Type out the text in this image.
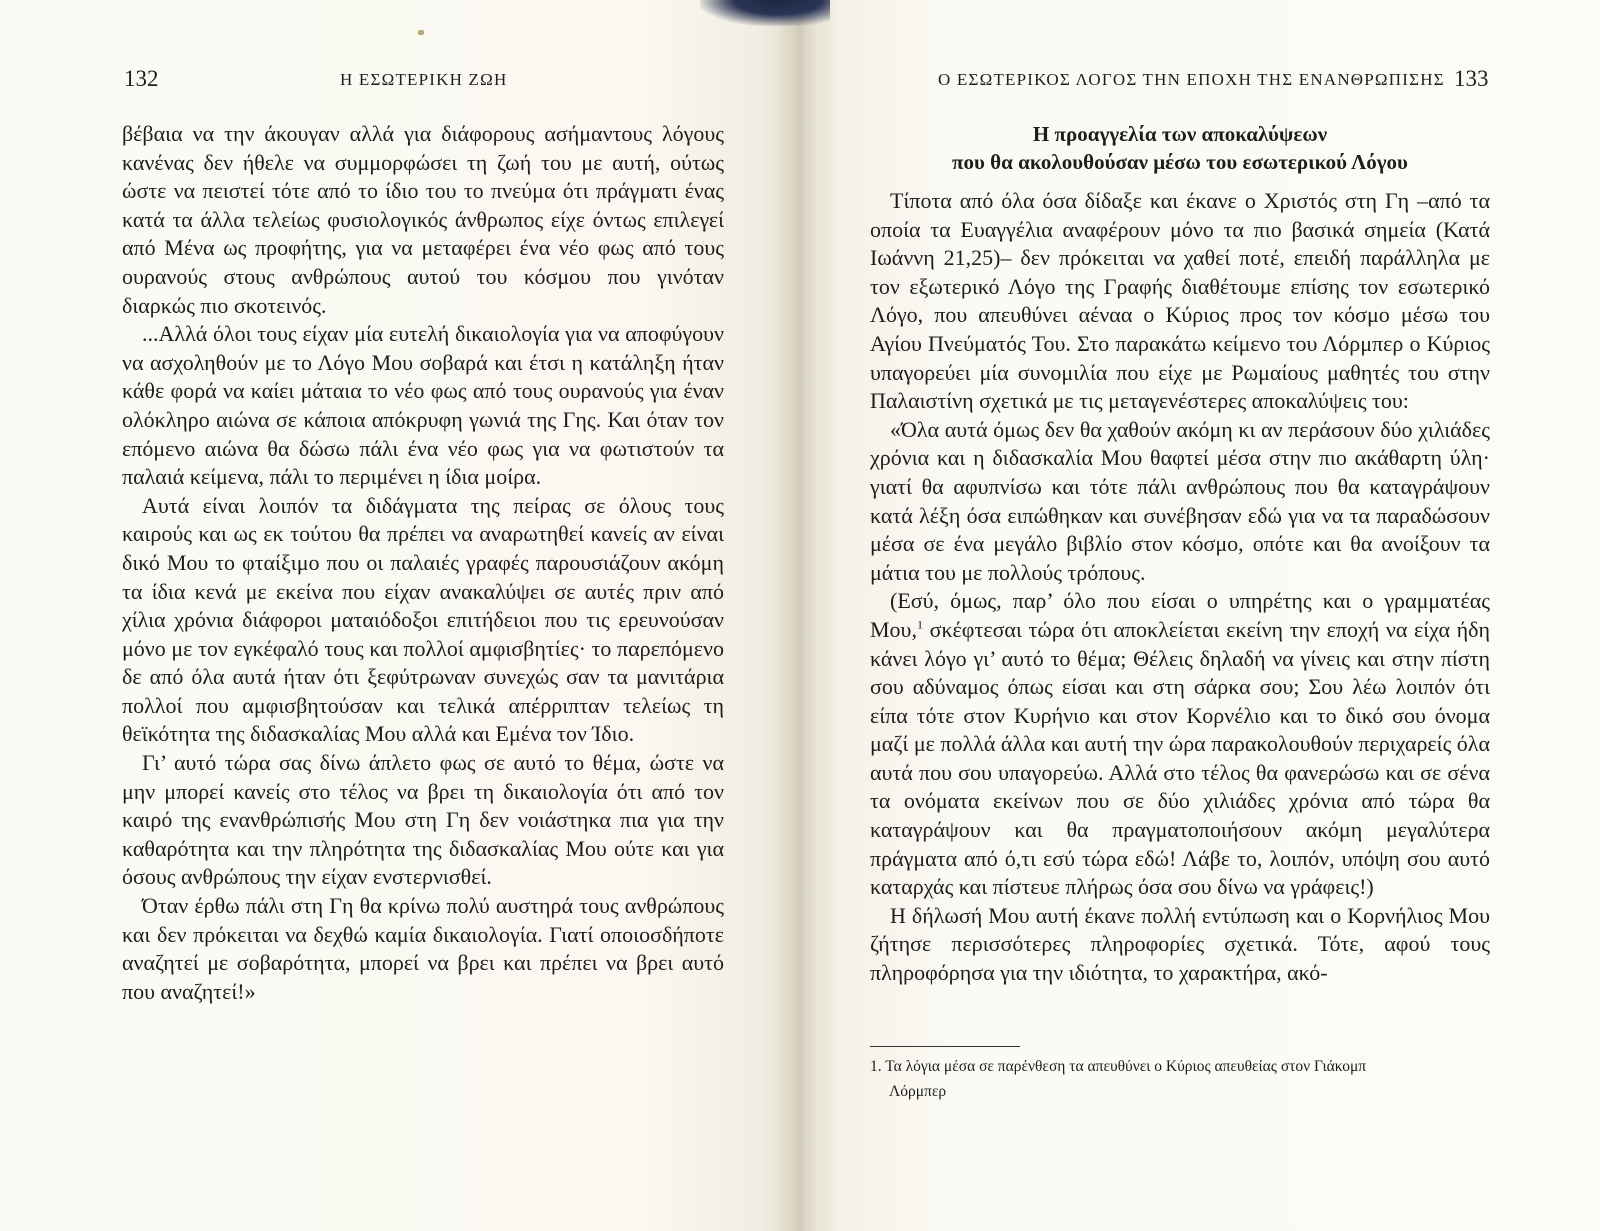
132	Η ΕΣΩΤΕΡΙΚΗ ΖΩΗ

βέβαια να την άκουγαν αλλά για διάφορους ασήμαντους λόγους κανένας δεν ήθελε να συμμορφώσει τη ζωή του με αυτή, ούτως ώστε να πειστεί τότε από το ίδιο του το πνεύμα ότι πράγματι ένας κατά τα άλλα τελείως φυσιολογικός άνθρωπος είχε όντως επιλεγεί από Μένα ως προφήτης, για να μεταφέρει ένα νέο φως από τους ουρανούς στους ανθρώπους αυτού του κόσμου που γινόταν διαρκώς πιο σκοτεινός.

...Αλλά όλοι τους είχαν μία ευτελή δικαιολογία για να αποφύγουν να ασχοληθούν με το Λόγο Μου σοβαρά και έτσι η κατάληξη ήταν κάθε φορά να καίει μάταια το νέο φως από τους ουρανούς για έναν ολόκληρο αιώνα σε κάποια απόκρυφη γωνιά της Γης. Και όταν τον επόμενο αιώνα θα δώσω πάλι ένα νέο φως για να φωτιστούν τα παλαιά κείμενα, πάλι το περιμένει η ίδια μοίρα.

Αυτά είναι λοιπόν τα διδάγματα της πείρας σε όλους τους καιρούς και ως εκ τούτου θα πρέπει να αναρωτηθεί κανείς αν είναι δικό Μου το φταίξιμο που οι παλαιές γραφές παρουσιάζουν ακόμη τα ίδια κενά με εκείνα που είχαν ανακαλύψει σε αυτές πριν από χίλια χρόνια διάφοροι ματαιόδοξοι επιτήδειοι που τις ερευνούσαν μόνο με τον εγκέφαλό τους και πολλοί αμφισβητίες· το παρεπόμενο δε από όλα αυτά ήταν ότι ξεφύτρωναν συνεχώς σαν τα μανιτάρια πολλοί που αμφισβητούσαν και τελικά απέρριπταν τελείως τη θεϊκότητα της διδασκαλίας Μου αλλά και Εμένα τον Ίδιο.

Γι’ αυτό τώρα σας δίνω άπλετο φως σε αυτό το θέμα, ώστε να μην μπορεί κανείς στο τέλος να βρει τη δικαιολογία ότι από τον καιρό της ενανθρώπισής Μου στη Γη δεν νοιάστηκα πια για την καθαρότητα και την πληρότητα της διδασκαλίας Μου ούτε και για όσους ανθρώπους την είχαν ενστερνισθεί.

Όταν έρθω πάλι στη Γη θα κρίνω πολύ αυστηρά τους ανθρώπους και δεν πρόκειται να δεχθώ καμία δικαιολογία. Γιατί οποιοσδήποτε αναζητεί με σοβαρότητα, μπορεί να βρει και πρέπει να βρει αυτό που αναζητεί!»

Ο ΕΣΩΤΕΡΙΚΟΣ ΛΟΓΟΣ ΤΗΝ ΕΠΟΧΗ ΤΗΣ ΕΝΑΝΘΡΩΠΙΣΗΣ 133
Η προαγγελία των αποκαλύψεων
που θα ακολουθούσαν μέσω του εσωτερικού Λόγου

Τίποτα από όλα όσα δίδαξε και έκανε ο Χριστός στη Γη –από τα οποία τα Ευαγγέλια αναφέρουν μόνο τα πιο βασικά σημεία (Κατά Ιωάννη 21,25)– δεν πρόκειται να χαθεί ποτέ, επειδή παράλληλα με τον εξωτερικό Λόγο της Γραφής διαθέτουμε επίσης τον εσωτερικό Λόγο, που απευθύνει αέναα ο Κύριος προς τον κόσμο μέσω του Αγίου Πνεύματός Του. Στο παρακάτω κείμενο του Λόρμπερ ο Κύριος υπαγορεύει μία συνομιλία που είχε με Ρωμαίους μαθητές του στην Παλαιστίνη σχετικά με τις μεταγενέστερες αποκαλύψεις του:

«Όλα αυτά όμως δεν θα χαθούν ακόμη κι αν περάσουν δύο χιλιάδες χρόνια και η διδασκαλία Μου θαφτεί μέσα στην πιο ακάθαρτη ύλη· γιατί θα αφυπνίσω και τότε πάλι ανθρώπους που θα καταγράψουν κατά λέξη όσα ειπώθηκαν και συνέβησαν εδώ για να τα παραδώσουν μέσα σε ένα μεγάλο βιβλίο στον κόσμο, οπότε και θα ανοίξουν τα μάτια του με πολλούς τρόπους.

(Εσύ, όμως, παρ’ όλο που είσαι ο υπηρέτης και ο γραμματέας Μου,$^1$ σκέφτεσαι τώρα ότι αποκλείεται εκείνη την εποχή να είχα ήδη κάνει λόγο γι’ αυτό το θέμα; Θέλεις δηλαδή να γίνεις και στην πίστη σου αδύναμος όπως είσαι και στη σάρκα σου; Σου λέω λοιπόν ότι είπα τότε στον Κυρήνιο και στον Κορνέλιο και το δικό σου όνομα μαζί με πολλά άλλα και αυτή την ώρα παρακολουθούν περιχαρείς όλα αυτά που σου υπαγορεύω. Αλλά στο τέλος θα φανερώσω και σε σένα τα ονόματα εκείνων που σε δύο χιλιάδες χρόνια από τώρα θα καταγράψουν και θα πραγματοποιήσουν ακόμη μεγαλύτερα πράγματα από ό,τι εσύ τώρα εδώ! Λάβε το, λοιπόν, υπόψη σου αυτό καταρχάς και πίστευε πλήρως όσα σου δίνω να γράφεις!)

Η δήλωσή Μου αυτή έκανε πολλή εντύπωση και ο Κορνήλιος Μου ζήτησε περισσότερες πληροφορίες σχετικά. Τότε, αφού τους πληροφόρησα για την ιδιότητα, το χαρακτήρα, ακό-

1. Τα λόγια μέσα σε παρένθεση τα απευθύνει ο Κύριος απευθείας στον Γιάκομπ
Λόρμπερ
